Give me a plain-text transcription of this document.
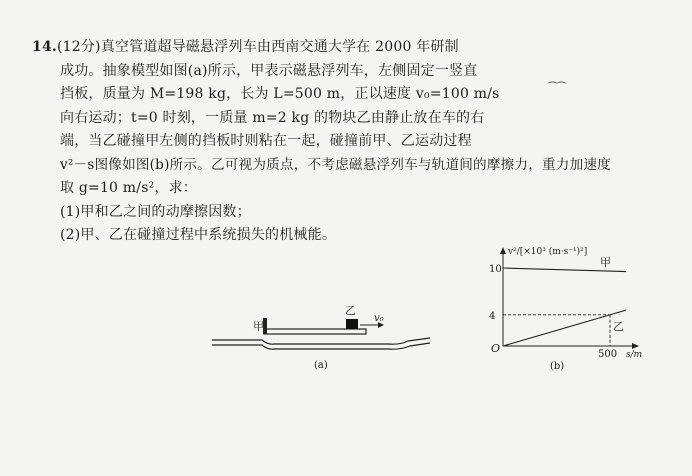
14.(12分)真空管道超导磁悬浮列车由西南交通大学在 2000 年研制
成功。抽象模型如图(a)所示，甲表示磁悬浮列车，左侧固定一竖直
挡板，质量为 M=198 kg，长为 L=500 m，正以速度 v₀=100 m/s
向右运动；t=0 时刻，一质量 m=2 kg 的物块乙由静止放在车的右
端，当乙碰撞甲左侧的挡板时则粘在一起，碰撞前甲、乙运动过程
v²－s图像如图(b)所示。乙可视为质点，不考虑磁悬浮列车与轨道间的摩擦力，重力加速度
取 g=10 m/s²，求：
(1)甲和乙之间的动摩擦因数；
(2)甲、乙在碰撞过程中系统损失的机械能。
⁀⁀
甲
乙
v₀
(a)
v²/[×10³ (m·s⁻¹)²]
s/m
O
4
10
500
甲
乙
(b)
